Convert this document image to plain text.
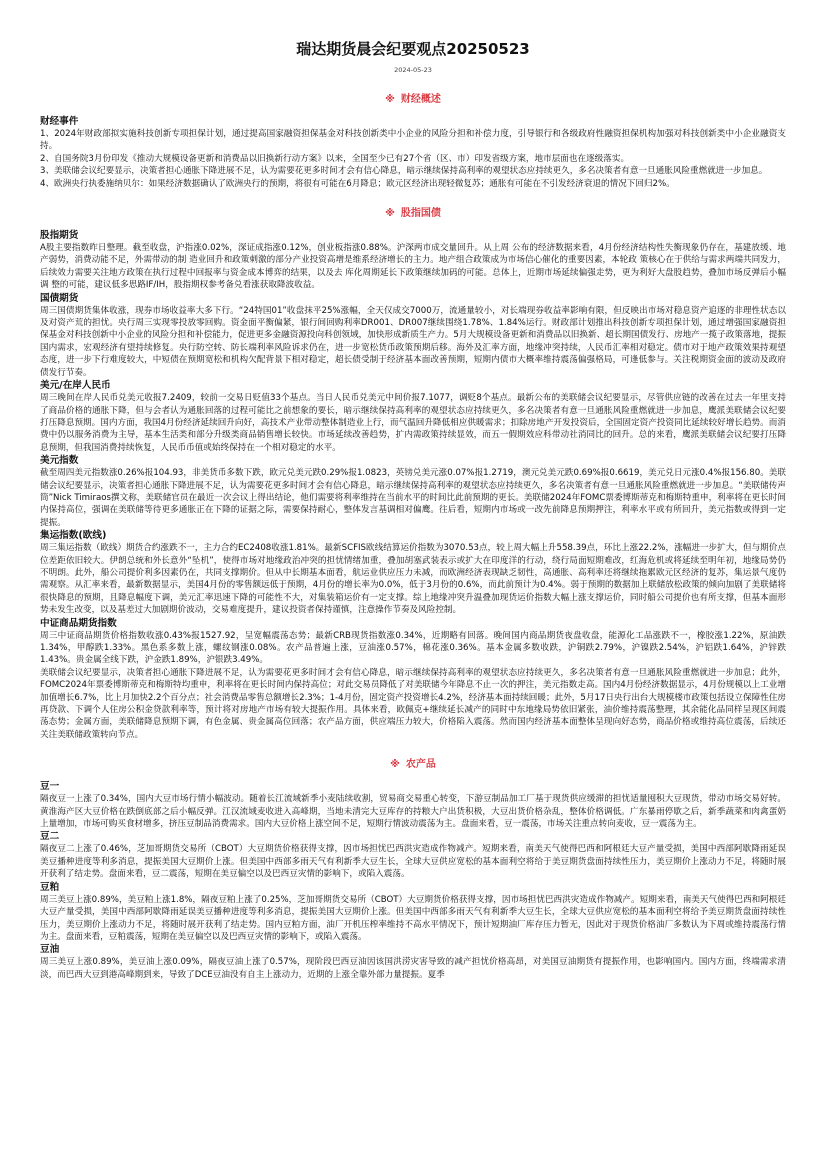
瑞达期货晨会纪要观点20250523
2024-05-23
※ 财经概述
财经事件

1、2024年财政部拟实施科技创新专项担保计划，通过提高国家融资担保基金对科技创新类中小企业的风险分担和补偿力度，引导银行和各级政府性融资担保机构加强对科技创新类中小企业融资支持。

2、自国务院3月份印发《推动大规模设备更新和消费品以旧换新行动方案》以来，全国至少已有27个省（区、市）印发省级方案，地市层面也在逐级落实。

3、美联储会议纪要显示，决策者担心通胀下降进展不足，认为需要花更多时间才会有信心降息，暗示继续保持高利率的观望状态应持续更久，多名决策者有意一旦通胀风险重燃就进一步加息。

4、欧洲央行执委施纳贝尔：如果经济数据确认了欧洲央行的预期，将很有可能在6月降息；欧元区经济出现轻微复苏；通胀有可能在不引发经济衰退的情况下回归2%。

※ 股指国债
股指期货

A股主要指数昨日整理。截至收盘，沪指涨0.02%，深证成指涨0.12%，创业板指涨0.88%。沪深两市成交量回升。从上周 公布的经济数据来看，4月份经济结构性失衡现象仍存在，基建放缓、地产弱势，消费动能不足，外需带动的制 造业回升和政策刺激的部分产业投资高增是维系经济增长的主力。地产组合政策成为市场信心催化的重要因素，本轮政 策核心在于供给与需求两端共同发力，后续效力需要关注地方政策在执行过程中回报率与资金成本博弈的结果，以及去 库化周期延长下政策继续加码的可能。总体上，近期市场延续偏强走势，更为利好大盘股趋势，叠加市场反弹后小幅调 整的可能，建议低多思路IF/IH，股指期权参考备兑看涨获取降波收益。

国债期货

周三国债期货集体收涨，现券市场收益率大多下行。“24特国01”收盘抹平25%涨幅，全天仅成交7000万，流通量较小，对长端现券收益率影响有限，但反映出市场对稳息资产追逐的非理性状态以及对资产荒的担忧。央行周三实现零投放零回购。资金面平衡偏紧，银行间回购利率DR001、DR007继续围绕1.78%、1.84%运行。财政部计划推出科技创新专项担保计划，通过增强国家融资担保基金对科技创新中小企业的风险分担和补偿能力，促进更多金融资源投向科创领域，加快形成新质生产力。5月大规模设备更新和消费品以旧换新、超长期国债发行、房地产一揽子政策落地，提振国内需求，宏观经济有望持续修复。央行防空转、防长端利率风险诉求仍在，进一步宽松货币政策预期后移。海外及汇率方面，地缘冲突持续，人民币汇率相对稳定。债市对于地产政策效果持观望态度，进一步下行难度较大，中短债在预期宽松和机构欠配背景下相对稳定，超长债受制于经济基本面改善预期，短期内债市大概率维持震荡偏强格局，可逢低参与。关注税期资金面的波动及政府债发行节奏。

美元/在岸人民币

周三晚间在岸人民币兑美元收报7.2409，较前一交易日贬值33个基点。当日人民币兑美元中间价报7.1077，调贬8个基点。最新公布的美联储会议纪要显示，尽管供应链的改善在过去一年里支持了商品价格的通胀下降，但与会者认为通胀回落的过程可能比之前想象的要长，暗示继续保持高利率的观望状态应持续更久，多名决策者有意一旦通胀风险重燃就进一步加息，鹰派美联储会议纪要打压降息预期。国内方面，我国4月份经济延续回升向好，高技术产业带动整体制造业上行，而气温回升降低相应供暖需求；扣除房地产开发投资后，全国固定资产投资同比延续较好增长趋势。而消费中仍以服务消费为主导，基本生活类和部分升级类商品销售增长较快。市场延续改善趋势，扩内需政策持续显效，而五一假期效应科带动社消同比的回升。总的来看，鹰派美联储会议纪要打压降息预期，但我国消费持续恢复，人民币币值或始终保持在一个相对稳定的水平。

美元指数

截至周四美元指数涨0.26%报104.93，非美货币多数下跌，欧元兑美元跌0.29%报1.0823，英镑兑美元涨0.07%报1.2719，澳元兑美元跌0.69%报0.6619，美元兑日元涨0.4%报156.80。美联储会议纪要显示，决策者担心通胀下降进展不足，认为需要花更多时间才会有信心降息，暗示继续保持高利率的观望状态应持续更久，多名决策者有意一旦通胀风险重燃就进一步加息。“美联储传声筒”Nick Timiraos撰文称，美联储官员在最近一次会议上得出结论，他们需要将利率维持在当前水平的时间比此前预期的更长。美联储2024年FOMC票委博斯蒂克和梅斯特重申，利率将在更长时间内保持高位，强调在美联储等待更多通胀正在下降的证据之际，需要保持耐心，整体发言基调相对偏鹰。往后看，短期内市场或一改先前降息预期押注，利率水平或有所回升，美元指数或得到一定提振。

集运指数(欧线)

周三集运指数（欧线）期货合约涨跌不一，主力合约EC2408收涨1.81%。最新SCFIS欧线结算运价指数为3070.53点，较上周大幅上升558.39点，环比上涨22.2%，涨幅进一步扩大，但与期价点位差距依旧较大。伊朗总统和外长意外“坠机”，使得市场对地缘政治冲突的担忧情绪加重，叠加胡塞武装表示或扩大在印度洋的行动，绕行局面短期难改，红海危机或将延续至明年初，地缘局势仍不明朗。此外，船公司提价利多因素仍在，共同支撑期价。但从中长期基本面看，航运业供应压力未减，而欧洲经济表现缺乏韧性，高通胀、高利率还将继续拖累欧元区经济的复苏，集运景气度仍需观察。从汇率来看，最新数据显示，美国4月份的零售额远低于预期，4月份的增长率为0.0%，低于3月份的0.6%，而此前预计为0.4%。弱于预期的数据加上联储放松政策的倾向加剧了美联储将很快降息的预期，且降息幅度下调，美元汇率迅速下降的可能性不大，对集装箱运价有一定支撑。综上地缘冲突升温叠加现货运价指数大幅上涨支撑运价，同时船公司提价也有所支撑，但基本面形势未发生改变，以及基差过大加剧期价波动，交易难度提升，建议投资者保持谨慎，注意操作节奏及风险控制。

中证商品期货指数

周三中证商品期货价格指数收涨0.43%报1527.92，呈宽幅震荡态势；最新CRB现货指数涨0.34%，近期略有回落。晚间国内商品期货夜盘收盘，能源化工品涨跌不一，橡胶涨1.22%，原油跌1.34%，甲醇跌1.33%。黑色系多数上涨，螺纹钢涨0.08%。农产品普遍上涨，豆油涨0.57%，棉花涨0.36%。基本金属多数收跌，沪铜跌2.79%，沪镍跌2.54%，沪铝跌1.64%，沪锌跌1.43%。贵金属全线下跌，沪金跌1.89%，沪银跌3.49%。

美联储会议纪要显示，决策者担心通胀下降进展不足，认为需要花更多时间才会有信心降息，暗示继续保持高利率的观望状态应持续更久，多名决策者有意一旦通胀风险重燃就进一步加息；此外，FOMC2024年票委博斯蒂克和梅斯特均重申，利率将在更长时间内保持高位；对此交易员降低了对美联储今年降息不止一次的押注，美元指数走高。国内4月份经济数据显示，4月份规模以上工业增加值增长6.7%，比上月加快2.2个百分点；社会消费品零售总额增长2.3%；1-4月份，固定资产投资增长4.2%，经济基本面持续回暖；此外，5月17日央行出台大规模楼市政策包括设立保障性住房再贷款、下调个人住房公积金贷款利率等，预计将对房地产市场有较大提振作用。具体来看，欧佩克+继续延长减产的同时中东地缘局势依旧紧张，油价维持震荡整理，其余能化品同样呈现区间震荡态势；金属方面，美联储降息预期下调，有色金属、贵金属高位回落；农产品方面，供应端压力较大，价格陷入震荡。然而国内经济基本面整体呈现向好态势，商品价格或维持高位震荡，后续还关注美联储政策转向节点。

※ 农产品
豆一

隔夜豆一上涨了0.34%，国内大豆市场行情小幅波动。随着长江流域新季小麦陆续收割，贸易商交易重心转变，下游豆制品加工厂基于现货供应缓滞的担忧适量囤积大豆现货，带动市场交易好转。黄淮海产区大豆价格在跌倒底部之后小幅反弹。江汉流域麦收进入高峰期，当地未清完大豆库存的持粮大户出货积极，大豆出货价格杂乱，整体价格调低。广东暴雨停歇之后，新季蔬菜和肉禽蛋奶上量增加，市场可购买食材增多，挤压豆制品消费需求。国内大豆价格上涨空间不足，短期行情波动震荡为主。盘面来看，豆一震荡，市场关注重点转向麦收，豆一震荡为主。

豆二

隔夜豆二上涨了0.46%，芝加哥期货交易所（CBOT）大豆期货价格获得支撑，因市场担忧巴西洪灾造成作物减产。短期来看，南美天气使得巴西和阿根廷大豆产量受损，美国中西部阿歇降雨延误美豆播种进度等利多消息，提振美国大豆期价上涨。但美国中西部多雨天气有利新季大豆生长，全球大豆供应宽松的基本面利空将给于美豆期货盘面持续性压力，美豆期价上涨动力不足，将随时展开获利了结走势。盘面来看，豆二震荡，短期在美豆偏空以及巴西豆灾情的影响下，或陷入震荡。

豆粕

周三美豆上涨0.89%，美豆粕上涨1.8%，隔夜豆粕上涨了0.25%，芝加哥期货交易所（CBOT）大豆期货价格获得支撑，因市场担忧巴西洪灾造成作物减产。短期来看，南美天气使得巴西和阿根廷大豆产量受损，美国中西部阿歇降雨延误美豆播种进度等利多消息，提振美国大豆期价上涨。但美国中西部多雨天气有利新季大豆生长，全球大豆供应宽松的基本面利空将给予美豆期货盘面持续性压力，美豆期价上涨动力不足，将随时展开获利了结走势。国内豆粕方面，油厂开机压榨率维持不高水平情况下，预计短期油厂库存压力暂无，因此对于现货价格油厂多数认为下周或维持震荡行情为主。盘面来看，豆粕震荡，短期在美豆偏空以及巴西豆灾情的影响下，或陷入震荡。

豆油

周三美豆上涨0.89%，美豆油上涨0.09%，隔夜豆油上涨了0.57%，现阶段巴西豆油因该国洪涝灾害导致的减产担忧价格高昂，对美国豆油期货有提振作用，也影响国内。国内方面，终端需求清淡，而巴西大豆到港高峰期到来，导致了DCE豆油没有自主上涨动力，近期的上涨全靠外部力量提振。夏季
